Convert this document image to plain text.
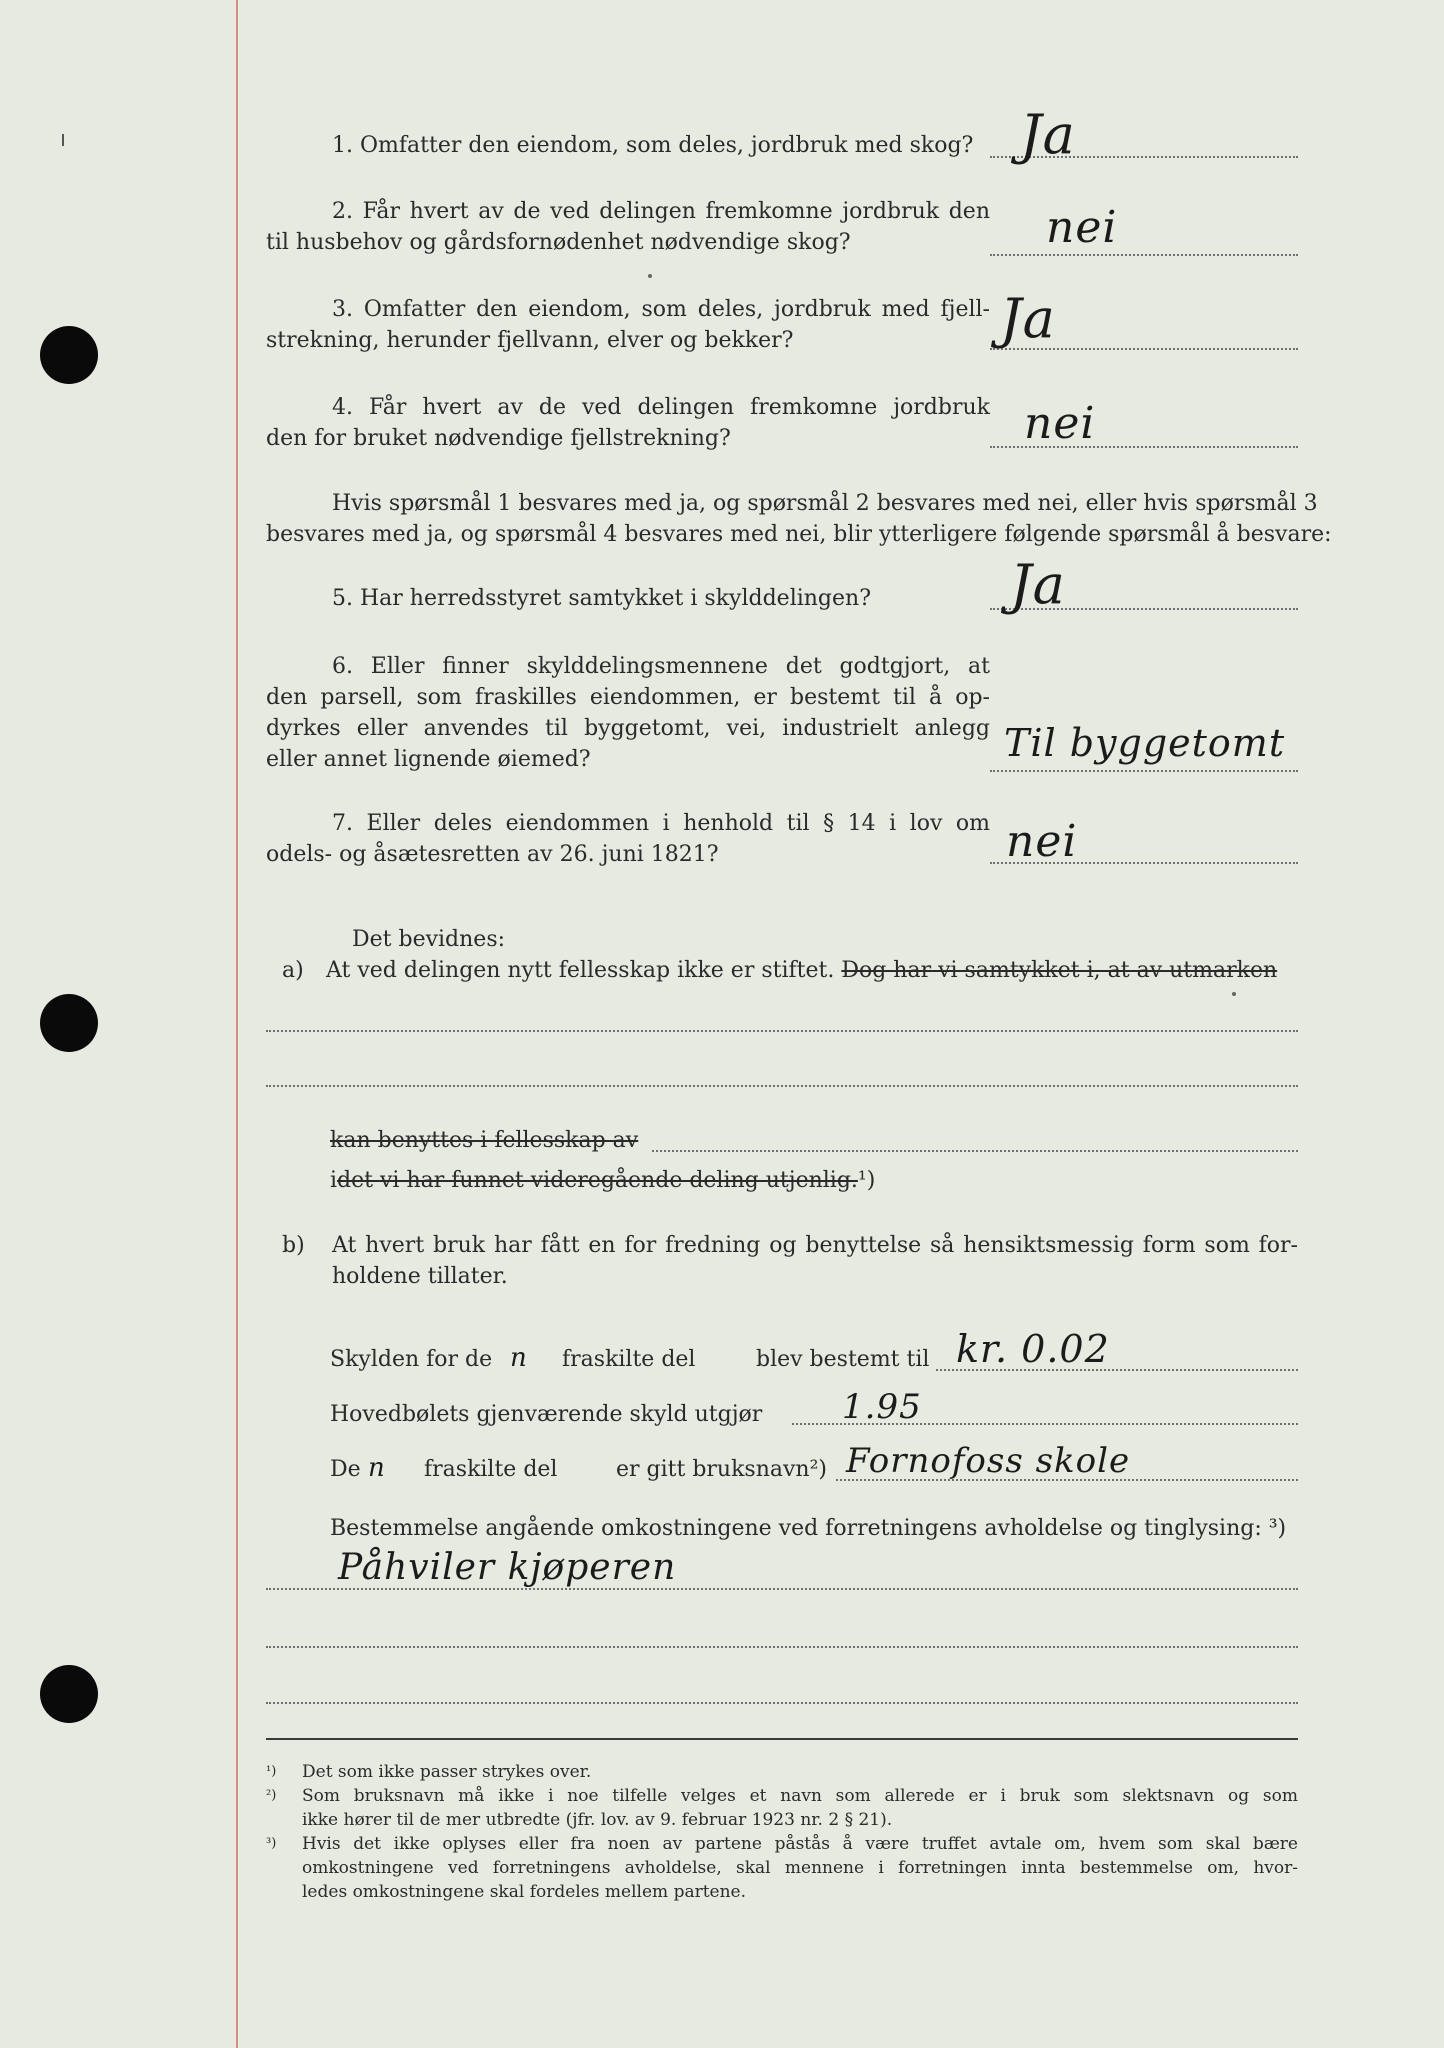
1. Omfatter den eiendom, som deles, jordbruk med skog? Ja
2. Får hvert av de ved delingen fremkomne jordbruk den
til husbehov og gårdsfornødenhet nødvendige skog?	nei
3. Omfatter den eiendom, som deles, jordbruk med fjell-
strekning, herunder fjellvann, elver og bekker?	Ja
4. Får hvert av de ved delingen fremkomne jordbruk
den for bruket nødvendige fjellstrekning?	nei
Hvis spørsmål 1 besvares med ja, og spørsmål 2 besvares med nei, eller hvis spørsmål 3
besvares med ja, og spørsmål 4 besvares med nei, blir ytterligere følgende spørsmål å besvare:
5. Har herredsstyret samtykket i skylddelingen?	Ja
6. Eller finner skylddelingsmennene det godtgjort, at
den parsell, som fraskilles eiendommen, er bestemt til å op-
dyrkes eller anvendes til byggetomt, vei, industrielt anlegg
eller annet lignende øiemed?	Til byggetomt
7. Eller deles eiendommen i henhold til § 14 i lov om
odels- og åsætesretten av 26. juni 1821?	nei
Det bevidnes:
a) At ved delingen nytt fellesskap ikke er stiftet. Dog har vi samtykket i, at av utmarken
kan benyttes i fellesskap av
idet vi har funnet videregående deling utjenlig.¹)
b) At hvert bruk har fått en for fredning og benyttelse så hensiktsmessig form som for-
holdene tillater.
Skylden for de n fraskilte del	blev bestemt til kr. 0.02
Hovedbølets gjenværende skyld utgjør 1.95
De n fraskilte del	er gitt bruksnavn²) Fornofoss skole
Bestemmelse angående omkostningene ved forretningens avholdelse og tinglysing: ³)
Påhviler kjøperen
¹) Det som ikke passer strykes over.
²) Som bruksnavn må ikke i noe tilfelle velges et navn som allerede er i bruk som slektsnavn og som
ikke hører til de mer utbredte (jfr. lov. av 9. februar 1923 nr. 2 § 21).
³) Hvis det ikke oplyses eller fra noen av partene påstås å være truffet avtale om, hvem som skal bære
omkostningene ved forretningens avholdelse, skal mennene i forretningen innta bestemmelse om, hvor-
ledes omkostningene skal fordeles mellem partene.
